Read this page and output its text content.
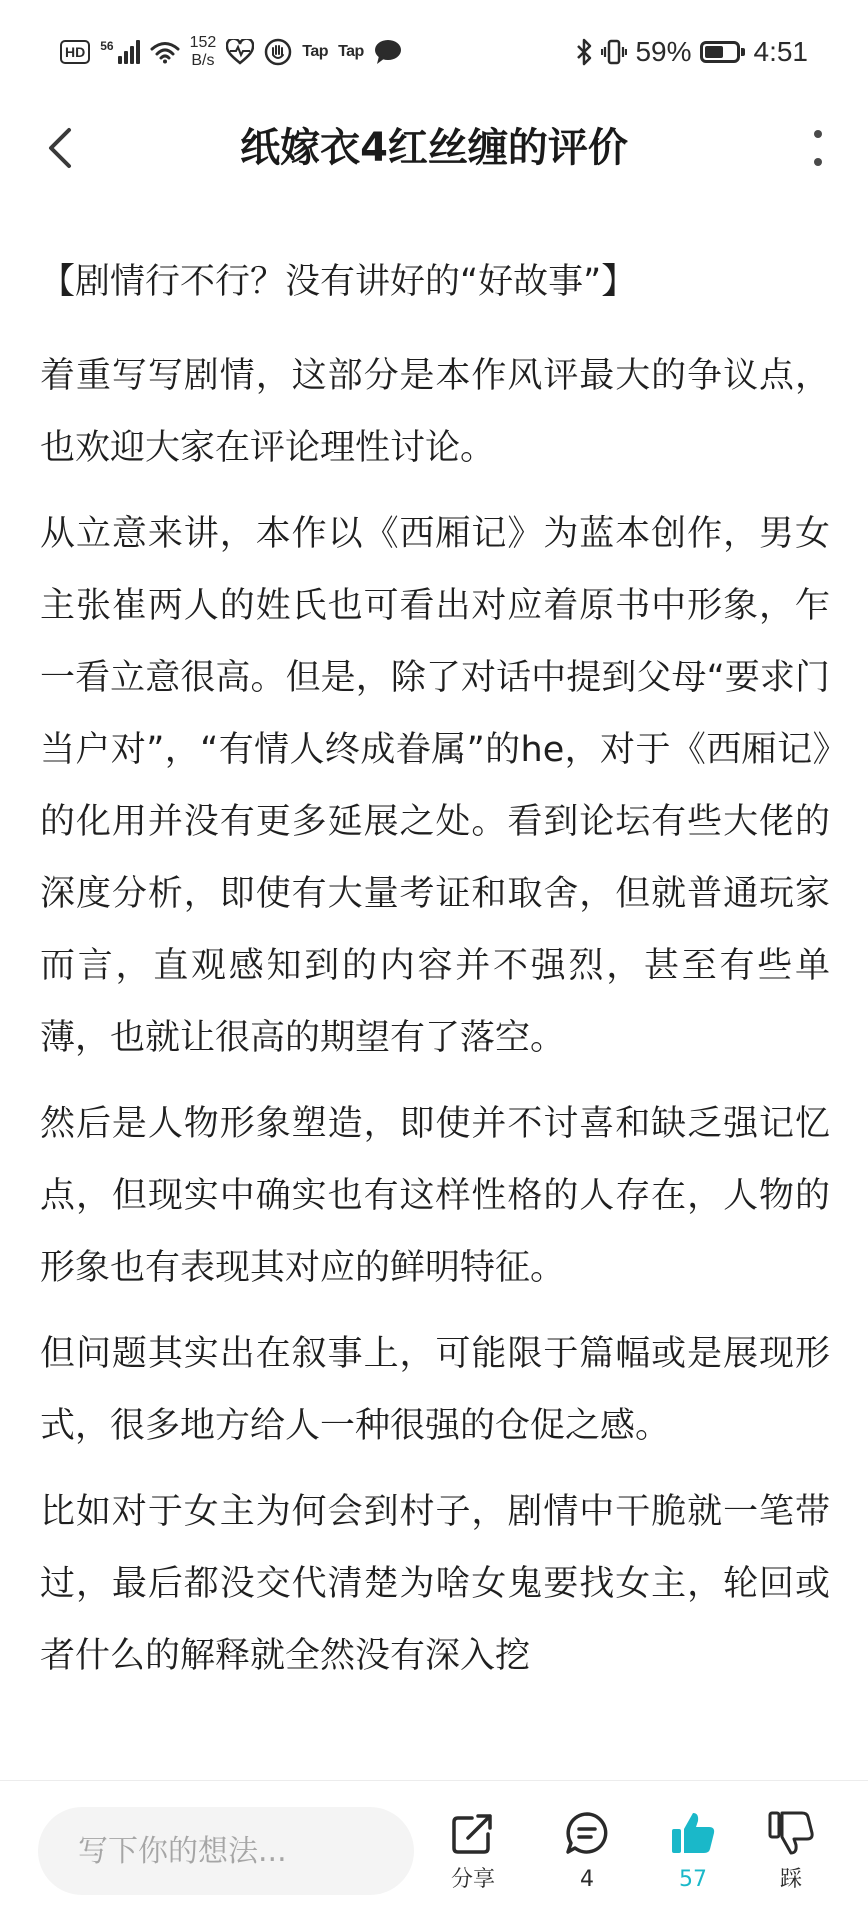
HD	56	152
B/s
Tap Tap	59% 4:51
纸嫁衣4红丝缠的评价
【剧情行不行？没有讲好的“好故事”】

着重写写剧情，这部分是本作风评最大的争议点，也欢迎大家在评论理性讨论。

从立意来讲，本作以《西厢记》为蓝本创作，男女主张崔两人的姓氏也可看出对应着原书中形象，乍一看立意很高。但是，除了对话中提到父母“要求门当户对”，“有情人终成眷属”的he，对于《西厢记》的化用并没有更多延展之处。看到论坛有些大佬的深度分析，即使有大量考证和取舍，但就普通玩家而言，直观感知到的内容并不强烈，甚至有些单薄，也就让很高的期望有了落空。

然后是人物形象塑造，即使并不讨喜和缺乏强记忆点，但现实中确实也有这样性格的人存在，人物的形象也有表现其对应的鲜明特征。

但问题其实出在叙事上，可能限于篇幅或是展现形式，很多地方给人一种很强的仓促之感。

比如对于女主为何会到村子，剧情中干脆就一笔带过，最后都没交代清楚为啥女鬼要找女主，轮回或者什么的解释就全然没有深入挖

写下你的想法...
分享	4	57	踩
